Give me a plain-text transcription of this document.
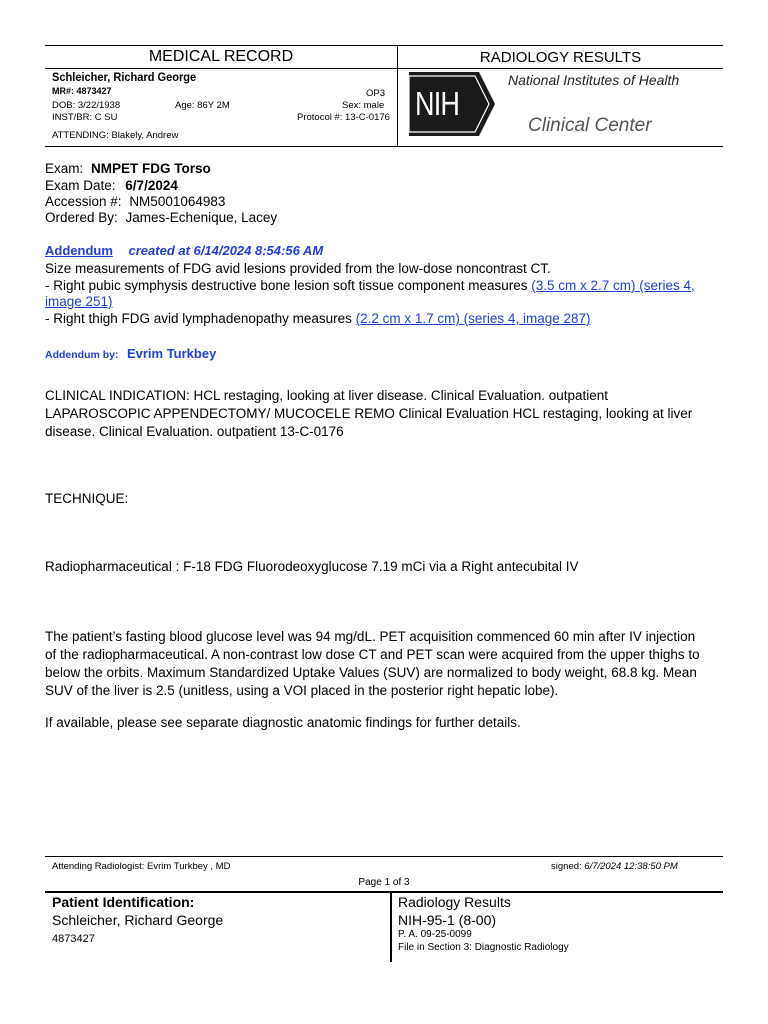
MEDICAL RECORD	RADIOLOGY RESULTS
Schleicher, Richard George
MR#: 4873427	OP3
DOB: 3/22/1938	Age: 86Y 2M	Sex: male
INST/BR: C SU	Protocol #: 13-C-0176
ATTENDING: Blakely, Andrew
NIH
National Institutes of Health
Clinical Center
Exam: NMPET FDG Torso
Exam Date: 6/7/2024
Accession #: NM5001064983
Ordered By: James-Echenique, Lacey
Addendum created at 6/14/2024 8:54:56 AM
Size measurements of FDG avid lesions provided from the low-dose noncontrast CT.
- Right pubic symphysis destructive bone lesion soft tissue component measures (3.5 cm x 2.7 cm) (series 4,
image 251)
- Right thigh FDG avid lymphadenopathy measures (2.2 cm x 1.7 cm) (series 4, image 287)
Addendum by: Evrim Turkbey
CLINICAL INDICATION: HCL restaging, looking at liver disease. Clinical Evaluation. outpatient
LAPAROSCOPIC APPENDECTOMY/ MUCOCELE REMO Clinical Evaluation HCL restaging, looking at liver
disease. Clinical Evaluation. outpatient 13-C-0176
TECHNIQUE:
Radiopharmaceutical : F-18 FDG Fluorodeoxyglucose 7.19 mCi via a Right antecubital IV
The patient’s fasting blood glucose level was 94 mg/dL. PET acquisition commenced 60 min after IV injection
of the radiopharmaceutical. A non-contrast low dose CT and PET scan were acquired from the upper thighs to
below the orbits. Maximum Standardized Uptake Values (SUV) are normalized to body weight, 68.8 kg. Mean
SUV of the liver is 2.5 (unitless, using a VOI placed in the posterior right hepatic lobe).
If available, please see separate diagnostic anatomic findings for further details.
Attending Radiologist: Evrim Turkbey , MD	signed: 6/7/2024 12:38:50 PM
Page 1 of 3
Patient Identification:
Schleicher, Richard George
4873427
Radiology Results
NIH-95-1 (8-00)
P. A. 09-25-0099
File in Section 3: Diagnostic Radiology
